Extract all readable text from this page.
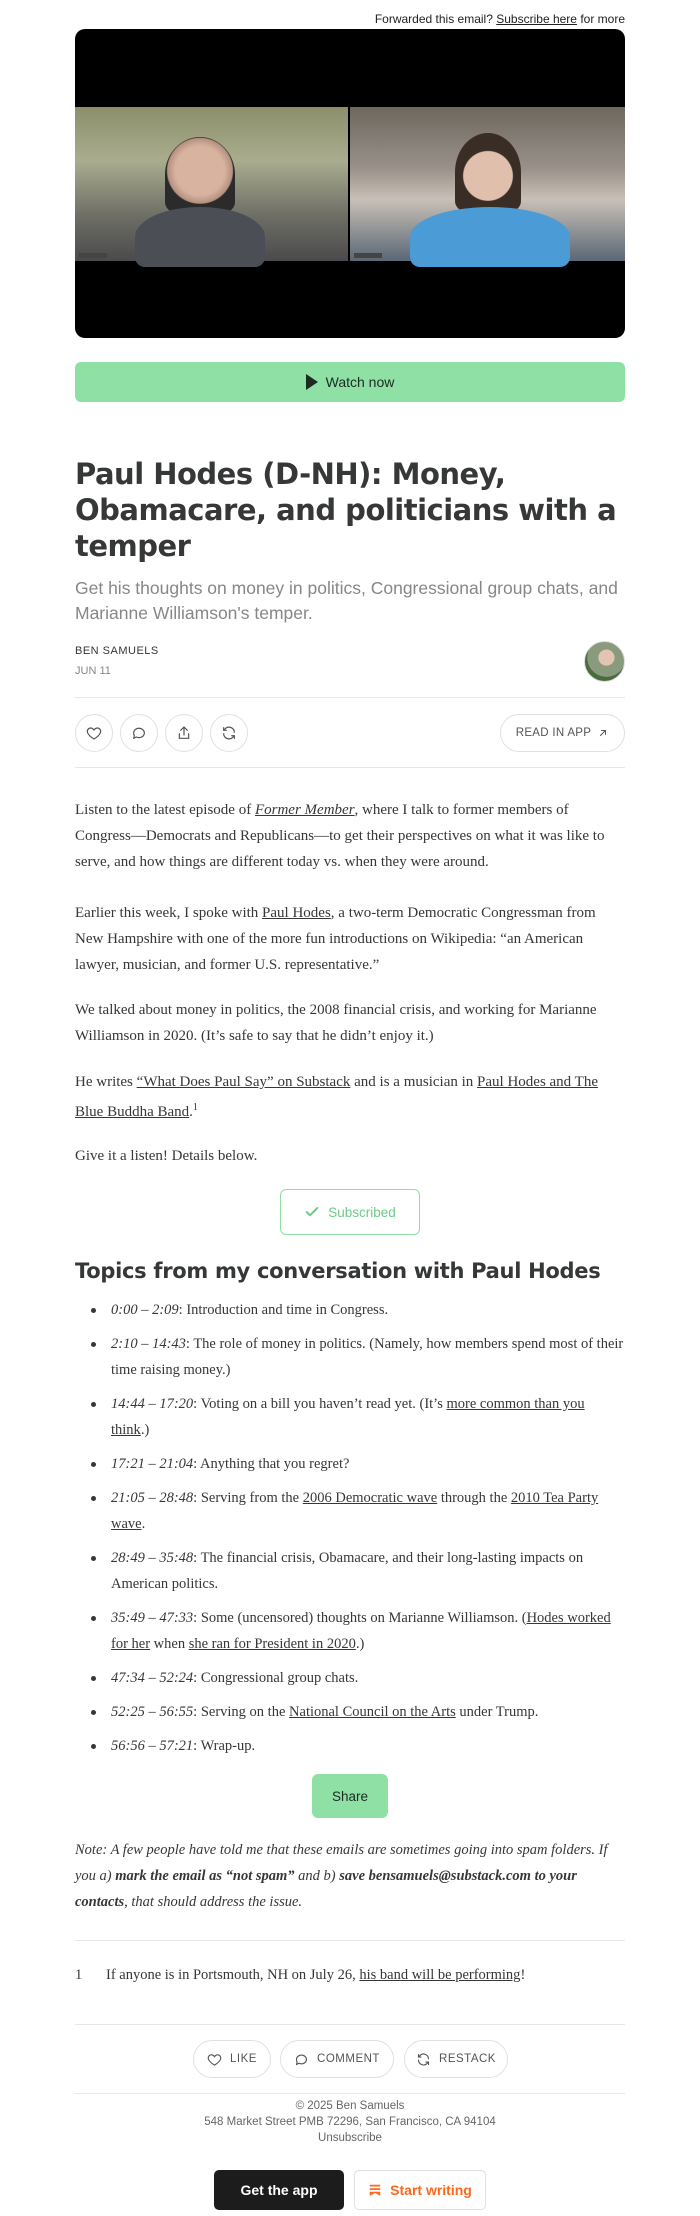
Forwarded this email? Subscribe here for more
Watch now
Paul Hodes (D-NH): Money, Obamacare, and politicians with a temper
Get his thoughts on money in politics, Congressional group chats, and Marianne Williamson's temper.
BEN SAMUELS
JUN 11
READ IN APP

Listen to the latest episode of Former Member, where I talk to former members of Congress—Democrats and Republicans—to get their perspectives on what it was like to serve, and how things are different today vs. when they were around.

Earlier this week, I spoke with Paul Hodes, a two-term Democratic Congressman from New Hampshire with one of the more fun introductions on Wikipedia: “an American lawyer, musician, and former U.S. representative.”

We talked about money in politics, the 2008 financial crisis, and working for Marianne Williamson in 2020. (It’s safe to say that he didn’t enjoy it.)

He writes “What Does Paul Say” on Substack and is a musician in Paul Hodes and The Blue Buddha Band.$^1$

Give it a listen! Details below.

Subscribed
Topics from my conversation with Paul Hodes
0:00 – 2:09: Introduction and time in Congress.
2:10 – 14:43: The role of money in politics. (Namely, how members spend most of their time raising money.)
14:44 – 17:20: Voting on a bill you haven’t read yet. (It’s more common than you think.)
17:21 – 21:04: Anything that you regret?
21:05 – 28:48: Serving from the 2006 Democratic wave through the 2010 Tea Party wave.
28:49 – 35:48: The financial crisis, Obamacare, and their long-lasting impacts on American politics.
35:49 – 47:33: Some (uncensored) thoughts on Marianne Williamson. (Hodes worked for her when she ran for President in 2020.)
47:34 – 52:24: Congressional group chats.
52:25 – 56:55: Serving on the National Council on the Arts under Trump.
56:56 – 57:21: Wrap-up.
Share
Note: A few people have told me that these emails are sometimes going into spam folders. If you a) mark the email as “not spam” and b) save bensamuels@substack.com to your contacts, that should address the issue.
1	If anyone is in Portsmouth, NH on July 26, his band will be performing!
LIKE	COMMENT	RESTACK
© 2025 Ben Samuels
548 Market Street PMB 72296, San Francisco, CA 94104
Unsubscribe
Get the app	Start writing
